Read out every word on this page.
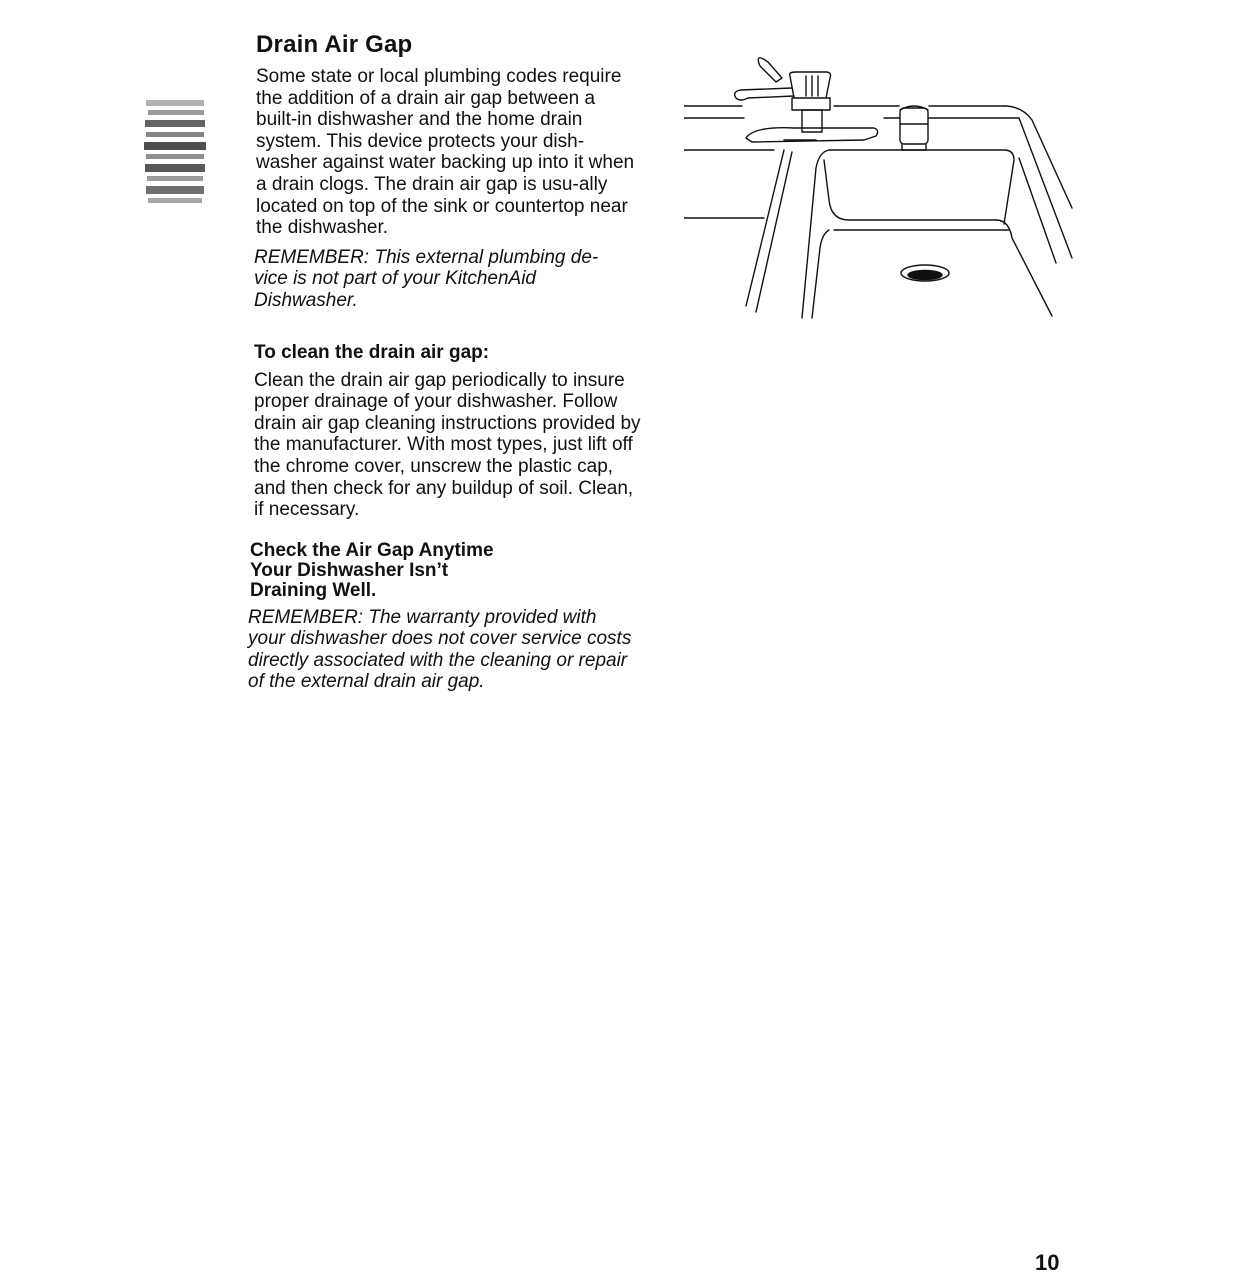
Drain Air Gap

Some state or local plumbing codes require the addition of a drain air gap between a built-in dishwasher and the home drain system. This device protects your dish-washer against water backing up into it when a drain clogs. The drain air gap is usu-ally located on top of the sink or countertop near the dishwasher.

REMEMBER: This external plumbing de-vice is not part of your KitchenAid Dishwasher.

To clean the drain air gap:

Clean the drain air gap periodically to insure proper drainage of your dishwasher. Follow drain air gap cleaning instructions provided by the manufacturer. With most types, just lift off the chrome cover, unscrew the plastic cap, and then check for any buildup of soil. Clean, if necessary.

Check the Air Gap Anytime
Your Dishwasher Isn’t
Draining Well.

REMEMBER: The warranty provided with your dishwasher does not cover service costs directly associated with the cleaning or repair of the external drain air gap.

10
